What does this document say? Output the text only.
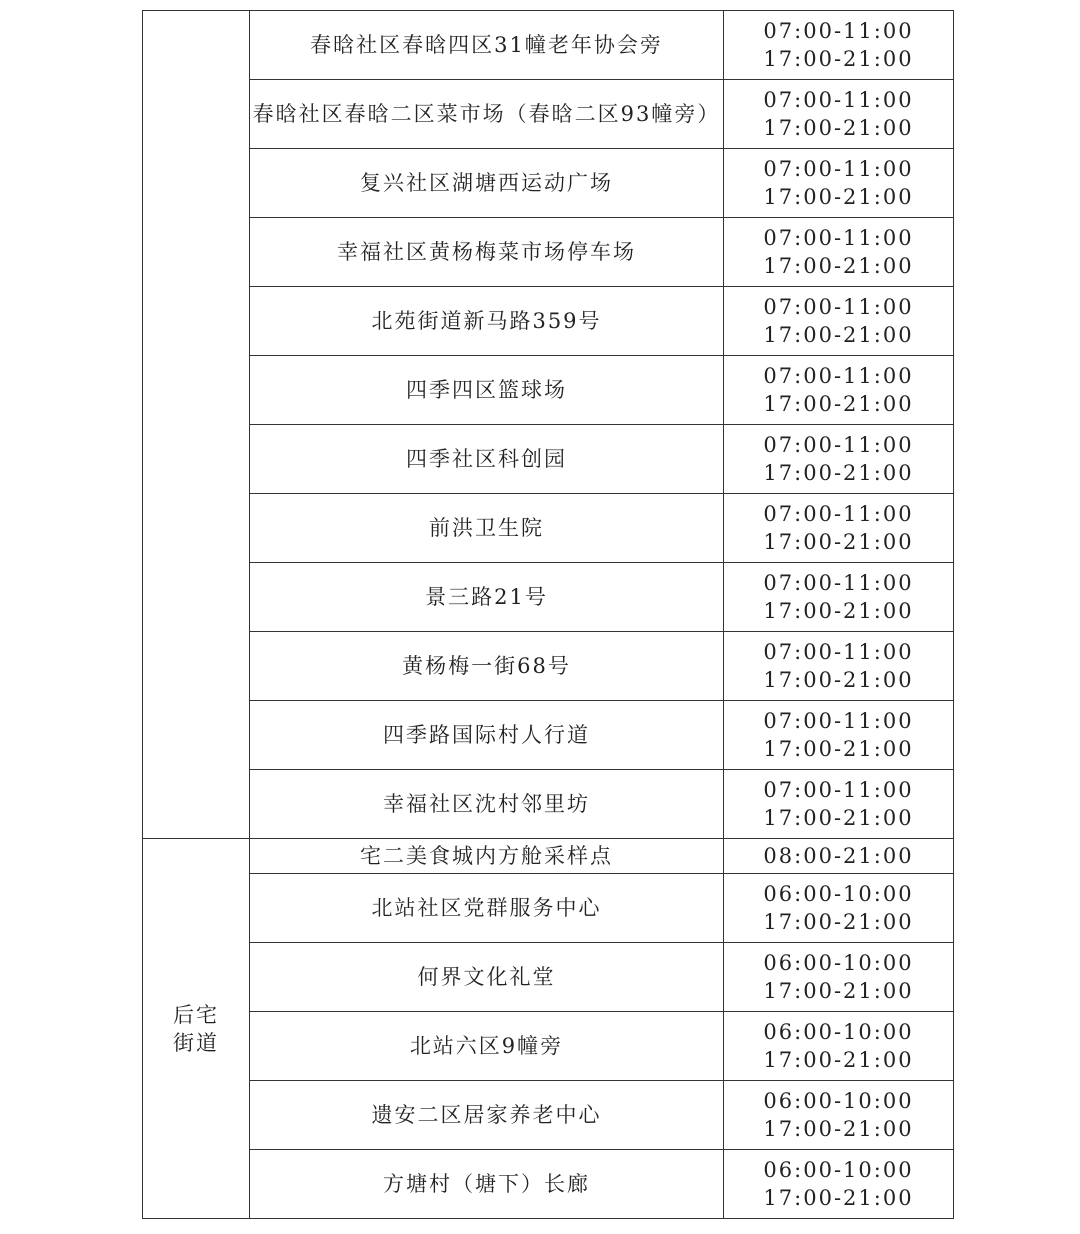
	春晗社区春晗四区31幢老年协会旁	07:00-11:00
17:00-21:00

	春晗社区春晗二区菜市场（春晗二区93幢旁）	07:00-11:00
17:00-21:00

	复兴社区湖塘西运动广场	07:00-11:00
17:00-21:00

	幸福社区黄杨梅菜市场停车场	07:00-11:00
17:00-21:00

	北苑街道新马路359号	07:00-11:00
17:00-21:00

	四季四区篮球场	07:00-11:00
17:00-21:00

	四季社区科创园	07:00-11:00
17:00-21:00

	前洪卫生院	07:00-11:00
17:00-21:00

	景三路21号	07:00-11:00
17:00-21:00

	黄杨梅一街68号	07:00-11:00
17:00-21:00

	四季路国际村人行道	07:00-11:00
17:00-21:00

	幸福社区沈村邻里坊	07:00-11:00
17:00-21:00

后宅
街道	宅二美食城内方舱采样点	08:00-21:00

	北站社区党群服务中心	06:00-10:00
17:00-21:00

	何界文化礼堂	06:00-10:00
17:00-21:00

	北站六区9幢旁	06:00-10:00
17:00-21:00

	遗安二区居家养老中心	06:00-10:00
17:00-21:00

	方塘村（塘下）长廊	06:00-10:00
17:00-21:00
